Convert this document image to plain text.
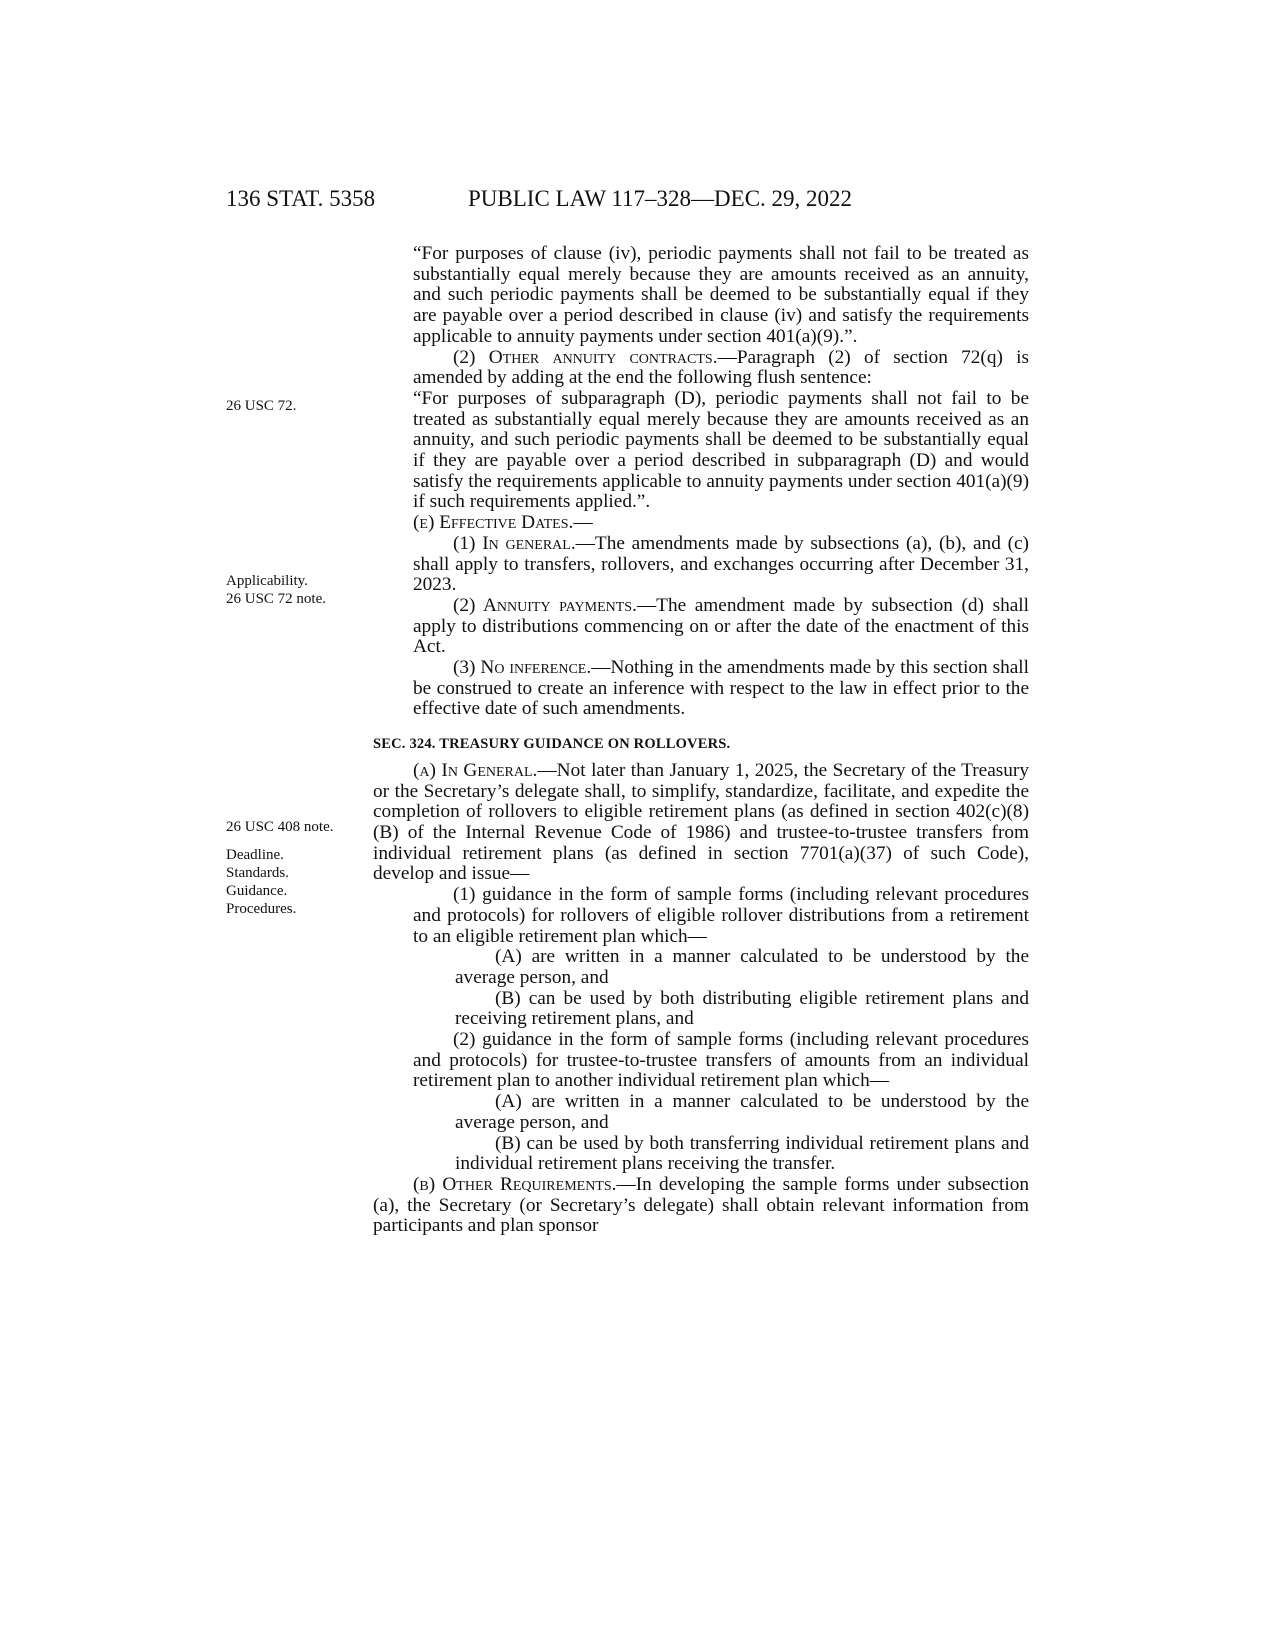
136 STAT. 5358	PUBLIC LAW 117–328—DEC. 29, 2022
26 USC 72.
Applicability.
26 USC 72 note.
26 USC 408 note.
Deadline.
Standards.
Guidance.
Procedures.

“For purposes of clause (iv), periodic payments shall not fail to be treated as substantially equal merely because they are amounts received as an annuity, and such periodic payments shall be deemed to be substantially equal if they are payable over a period described in clause (iv) and satisfy the requirements applicable to annuity payments under section 401(a)(9).”.

(2) Other annuity contracts.—Paragraph (2) of section 72(q) is amended by adding at the end the following flush sentence:

“For purposes of subparagraph (D), periodic payments shall not fail to be treated as substantially equal merely because they are amounts received as an annuity, and such periodic payments shall be deemed to be substantially equal if they are payable over a period described in subparagraph (D) and would satisfy the requirements applicable to annuity payments under section 401(a)(9) if such requirements applied.”.

(e) Effective Dates.—

(1) In general.—The amendments made by subsections (a), (b), and (c) shall apply to transfers, rollovers, and exchanges occurring after December 31, 2023.

(2) Annuity payments.—The amendment made by subsection (d) shall apply to distributions commencing on or after the date of the enactment of this Act.

(3) No inference.—Nothing in the amendments made by this section shall be construed to create an inference with respect to the law in effect prior to the effective date of such amendments.

SEC. 324. TREASURY GUIDANCE ON ROLLOVERS.

(a) In General.—Not later than January 1, 2025, the Secretary of the Treasury or the Secretary’s delegate shall, to simplify, standardize, facilitate, and expedite the completion of rollovers to eligible retirement plans (as defined in section 402(c)(8)(B) of the Internal Revenue Code of 1986) and trustee-to-trustee transfers from individual retirement plans (as defined in section 7701(a)(37) of such Code), develop and issue—

(1) guidance in the form of sample forms (including relevant procedures and protocols) for rollovers of eligible rollover distributions from a retirement to an eligible retirement plan which—

(A) are written in a manner calculated to be understood by the average person, and

(B) can be used by both distributing eligible retirement plans and receiving retirement plans, and

(2) guidance in the form of sample forms (including relevant procedures and protocols) for trustee-to-trustee transfers of amounts from an individual retirement plan to another individual retirement plan which—

(A) are written in a manner calculated to be understood by the average person, and

(B) can be used by both transferring individual retirement plans and individual retirement plans receiving the transfer.

(b) Other Requirements.—In developing the sample forms under subsection (a), the Secretary (or Secretary’s delegate) shall obtain relevant information from participants and plan sponsor
